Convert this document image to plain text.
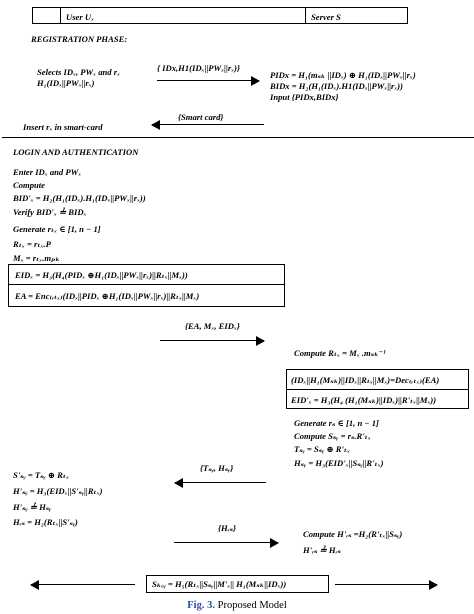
User Uₓ	Server S
REGISTRATION PHASE:
Selects IDₓ, PWₓ and rₓ
H₁(IDₓ||PWₓ||rₓ)
{ IDx,H1(IDₓ||PWₓ||rₓ)}
PIDx = H₁(mₛₖ ||IDₓ) ⊕ H₁(IDₓ||PWₓ||rₓ)
BIDx = H₂(H₁(IDₓ).H1(IDₓ||PWₓ||rₓ))
Input {PIDx,BIDx}
{Smart card}
Insert rₓ in smart-card
LOGIN AND AUTHENTICATION
Enter IDₓ and PWₓ
Compute
BID'ₓ = H₂(H₁(IDₓ).H₁(IDₓ||PWₓ||rₓ))
Verify BID'ₓ ≟ BIDₓ
Generate rₜₓ ∈ [1, n − 1]
Rₜₓ = rₜₓ.P
Mₓ = rₜₓ.mₚₖ
EIDₓ = H₃(H₄(PIDₓ ⊕H₁(IDₓ||PWₓ||rₓ)||Rₜₓ||Mₓ))
EA = Enc₍ᵣₜₓ₎(IDₓ||PIDₓ ⊕H₁(IDₓ||PWₓ||rₓ)||Rₜₓ||Mₓ)
{EA, Mₓ, EIDₓ}
Compute Rₜₓ = Mₓ .mₛₖ⁻¹
(IDₓ||H₁(Mₛₖ)||IDₓ||Rₜₓ||Mₓ)=Dec₍ᵣₜₓ₎(EA)
EID'ₓ = H₃(H₄ (H₁(Mₛₖ)||IDₓ)||R'ₜₓ||Mₓ))
Generate rₛ ∈ [1, n − 1]
Compute Sₛᵧ = rₛ.R'ₜₓ
Tₛᵧ = Sₛᵧ ⊕ R'ₜₓ
Hₛᵧ = H₃(EID'ₓ||Sₛᵧ||R'ₜₓ)
{Tₛᵧ, Hₛᵧ}
S'ₛᵧ = Tₛᵧ ⊕ Rₜₓ
H'ₛᵧ = H₃(EIDₓ||S'ₛᵧ||Rₜₓ)
H'ₛᵧ ≟ Hₛᵧ
Hᵣₛ = H₂(Rₜₓ||S'ₛᵧ)
{Hᵣₛ}
Compute H'ᵣₛ =H₂(R'ₜₓ||Sₛᵧ)
H'ᵣₛ ≟ Hᵣₛ
Sₖₑᵧ = H₅(Rₜₓ||Sₛᵧ||M'ₓ|| H₁(Mₛₖ||IDₓ))
Fig. 3. Proposed Model
